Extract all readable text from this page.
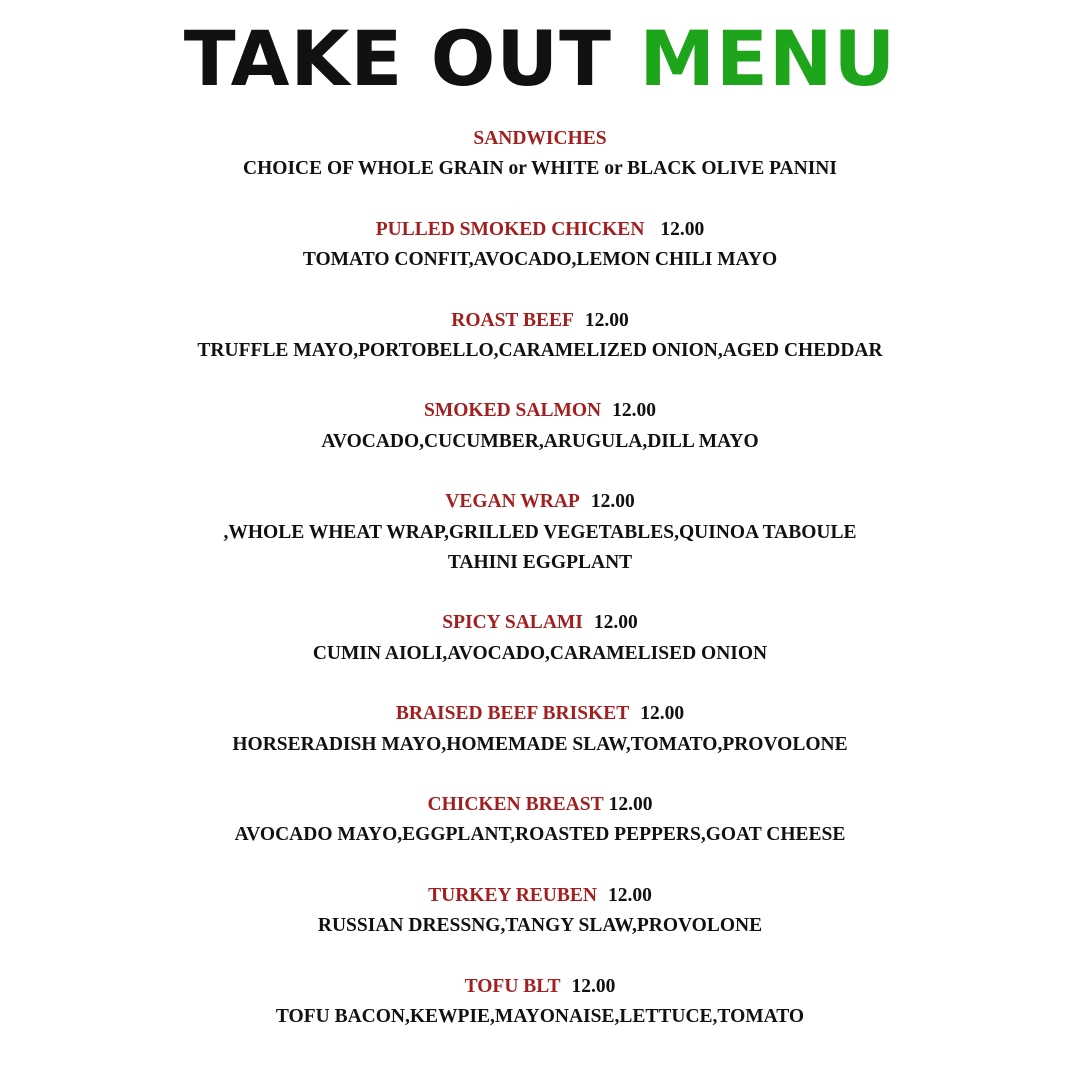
TAKE OUT MENU
SANDWICHES
CHOICE OF WHOLE GRAIN or WHITE or BLACK OLIVE PANINI
PULLED SMOKED CHICKEN 12.00
TOMATO CONFIT,AVOCADO,LEMON CHILI MAYO
ROAST BEEF 12.00
TRUFFLE MAYO,PORTOBELLO,CARAMELIZED ONION,AGED CHEDDAR
SMOKED SALMON 12.00
AVOCADO,CUCUMBER,ARUGULA,DILL MAYO
VEGAN WRAP 12.00
,WHOLE WHEAT WRAP,GRILLED VEGETABLES,QUINOA TABOULE
TAHINI EGGPLANT
SPICY SALAMI 12.00
CUMIN AIOLI,AVOCADO,CARAMELISED ONION
BRAISED BEEF BRISKET 12.00
HORSERADISH MAYO,HOMEMADE SLAW,TOMATO,PROVOLONE
CHICKEN BREAST 12.00
AVOCADO MAYO,EGGPLANT,ROASTED PEPPERS,GOAT CHEESE
TURKEY REUBEN 12.00
RUSSIAN DRESSNG,TANGY SLAW,PROVOLONE
TOFU BLT 12.00
TOFU BACON,KEWPIE,MAYONAISE,LETTUCE,TOMATO
